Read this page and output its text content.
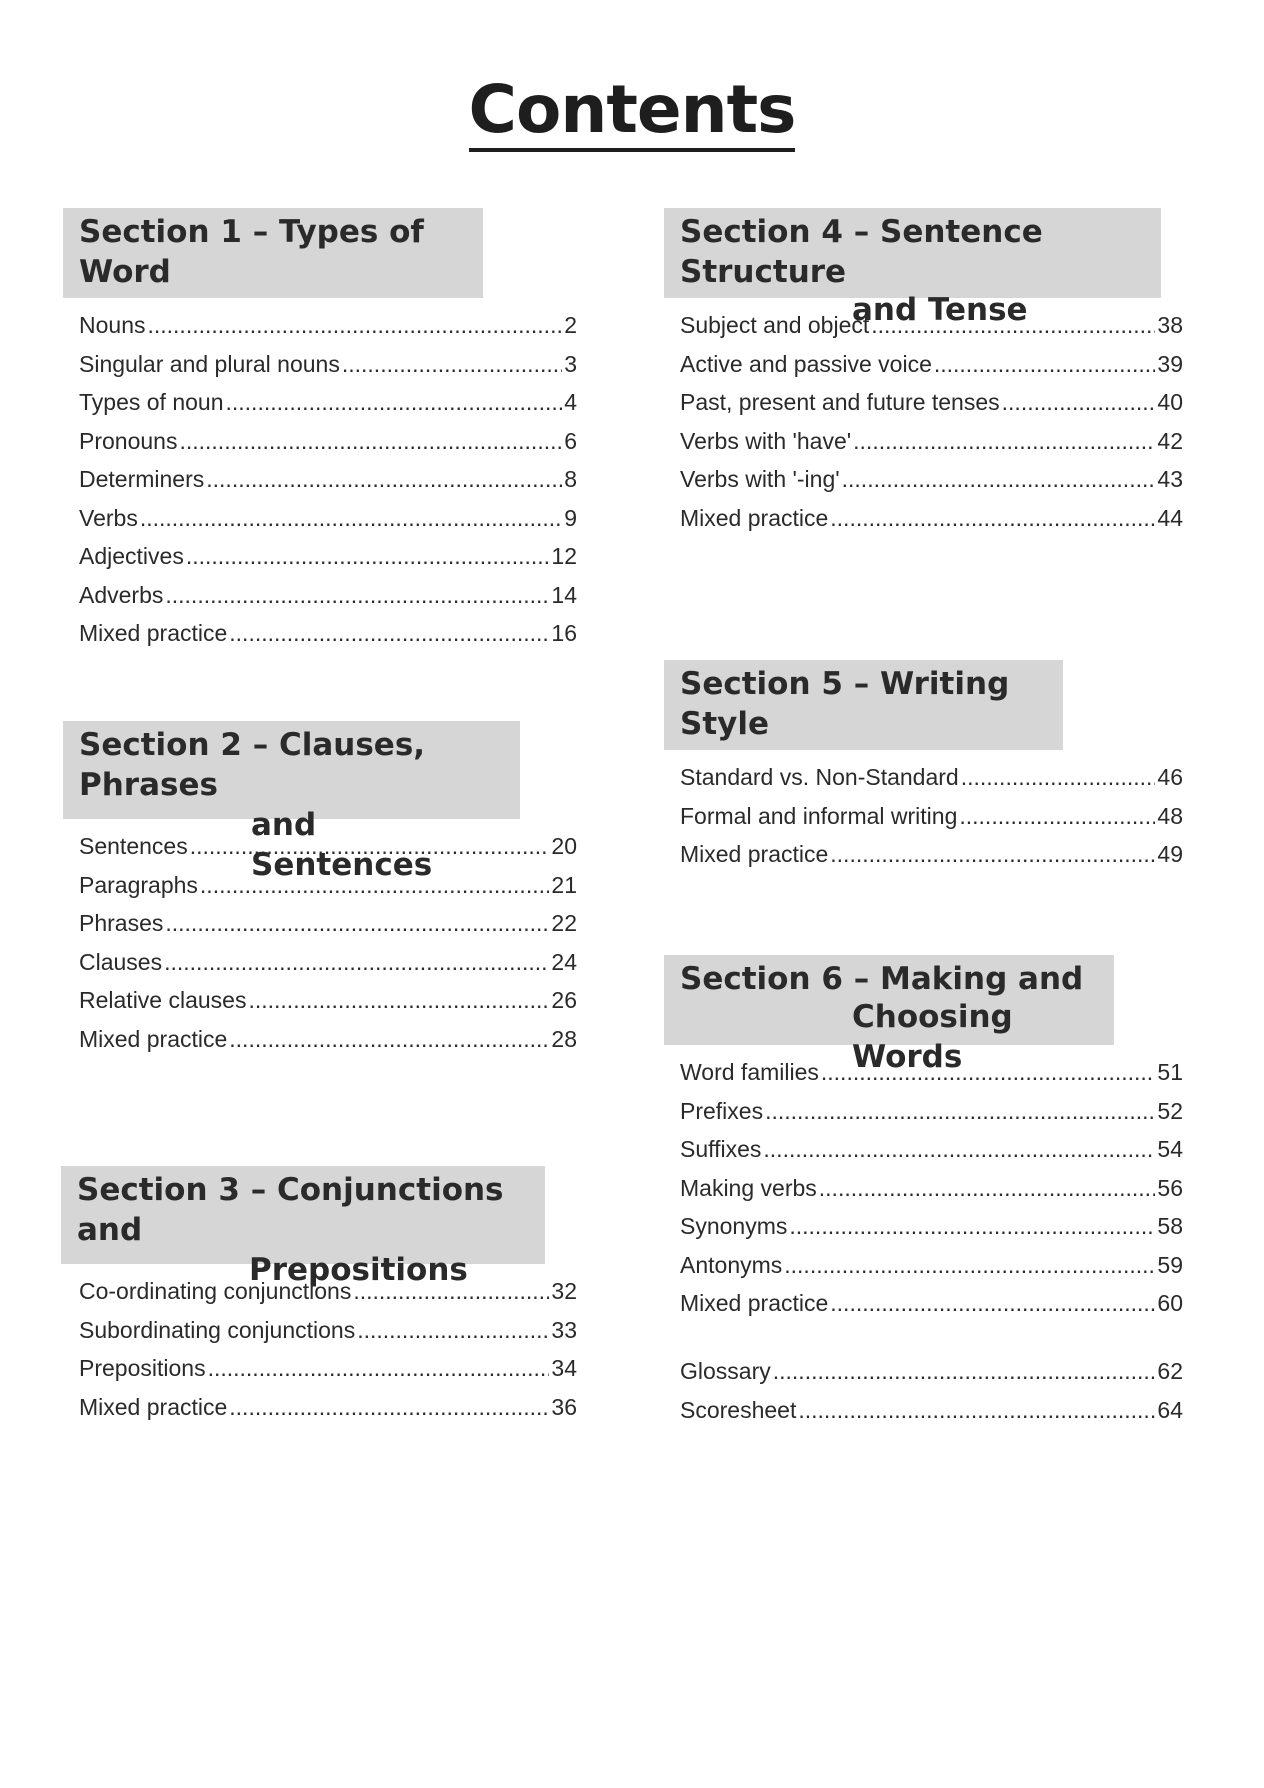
Contents
Section 1 – Types of Word
Nouns .....	2
Singular and plural nouns .....	3
Types of noun .....	4
Pronouns .....	6
Determiners .....	8
Verbs .....	9
Adjectives .....	12
Adverbs .....	14
Mixed practice .....	16
Section 2 – Clauses, Phrases
and Sentences
Sentences .....	20
Paragraphs .....	21
Phrases .....	22
Clauses .....	24
Relative clauses .....	26
Mixed practice .....	28
Section 3 – Conjunctions and
Prepositions
Co-ordinating conjunctions .....	32
Subordinating conjunctions .....	33
Prepositions .....	34
Mixed practice .....	36
Section 4 – Sentence Structure
and Tense
Subject and object .....	38
Active and passive voice .....	39
Past, present and future tenses .....	40
Verbs with 'have' .....	42
Verbs with '-ing' .....	43
Mixed practice .....	44
Section 5 – Writing Style
Standard vs. Non-Standard .....	46
Formal and informal writing .....	48
Mixed practice .....	49
Section 6 – Making and
Choosing Words
Word families .....	51
Prefixes .....	52
Suffixes .....	54
Making verbs .....	56
Synonyms .....	58
Antonyms .....	59
Mixed practice .....	60
Glossary .....	62
Scoresheet .....	64
